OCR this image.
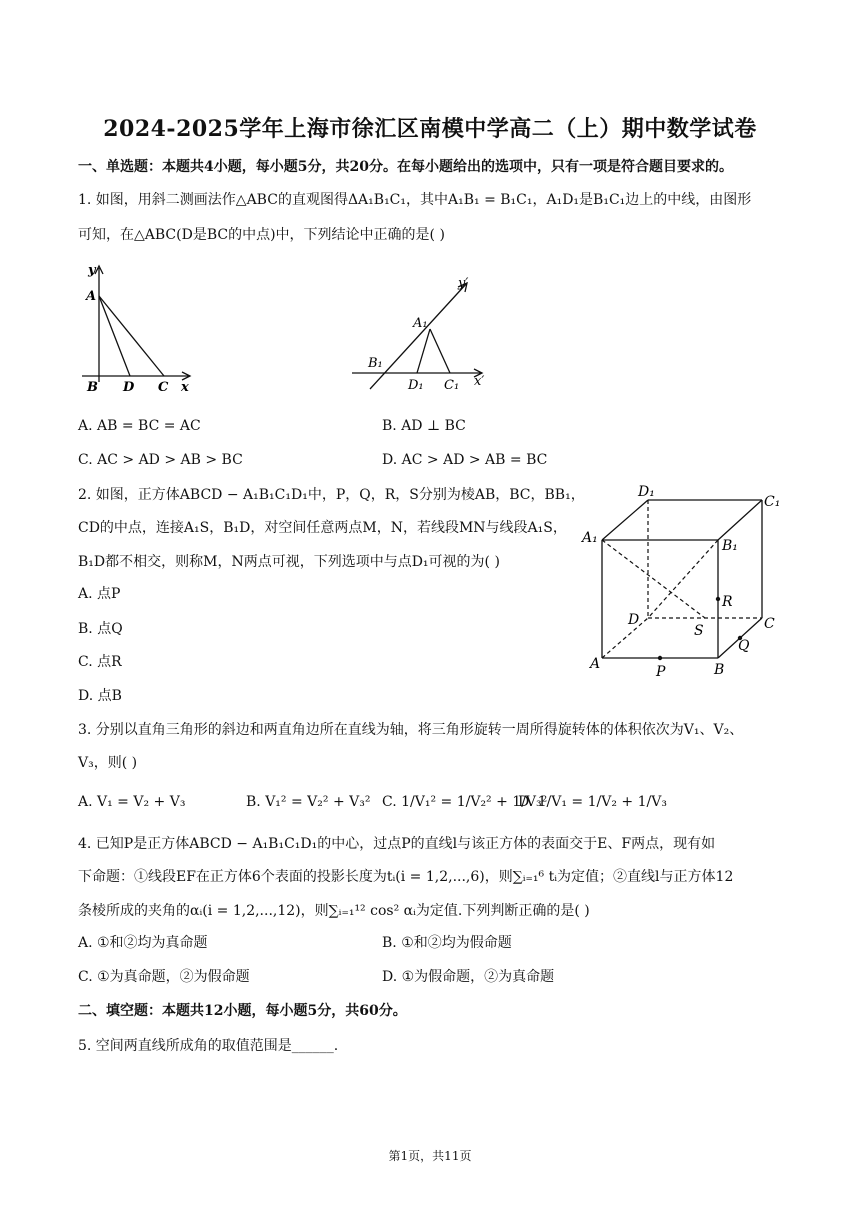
2024-2025学年上海市徐汇区南模中学高二（上）期中数学试卷
一、单选题：本题共4小题，每小题5分，共20分。在每小题给出的选项中，只有一项是符合题目要求的。
1. 如图，用斜二测画法作△ABC的直观图得ΔA₁B₁C₁，其中A₁B₁ = B₁C₁，A₁D₁是B₁C₁边上的中线，由图形
可知，在△ABC(D是BC的中点)中，下列结论中正确的是( )
y
A
B D C x
y′
A₁
B₁
D₁ C₁ x′
A. AB = BC = AC	B. AD ⊥ BC
C. AC > AD > AB > BC	D. AC > AD > AB = BC
2. 如图，正方体ABCD − A₁B₁C₁D₁中，P，Q，R，S分别为棱AB，BC，BB₁，
CD的中点，连接A₁S，B₁D，对空间任意两点M，N，若线段MN与线段A₁S，
B₁D都不相交，则称M，N两点可视，下列选项中与点D₁可视的为( )
A. 点P
B. 点Q
C. 点R
D. 点B
D₁
C₁
A₁	B₁
R
D
S	C
Q
A	P	B
3. 分别以直角三角形的斜边和两直角边所在直线为轴，将三角形旋转一周所得旋转体的体积依次为V₁、V₂、
V₃，则( )
A. V₁ = V₂ + V₃	B. V₁² = V₂² + V₃² C. 1/V₁² = 1/V₂² + 1/V₃²
D. 1/V₁ = 1/V₂ + 1/V₃
4. 已知P是正方体ABCD − A₁B₁C₁D₁的中心，过点P的直线l与该正方体的表面交于E、F两点，现有如
下命题：①线段EF在正方体6个表面的投影长度为tᵢ(i = 1,2,...,6)，则∑ᵢ₌₁⁶ tᵢ为定值；②直线l与正方体12
条棱所成的夹角的αᵢ(i = 1,2,...,12)，则∑ᵢ₌₁¹² cos² αᵢ为定值.下列判断正确的是( )
A. ①和②均为真命题	B. ①和②均为假命题
C. ①为真命题，②为假命题	D. ①为假命题，②为真命题
二、填空题：本题共12小题，每小题5分，共60分。
5. 空间两直线所成角的取值范围是______.
第1页，共11页
